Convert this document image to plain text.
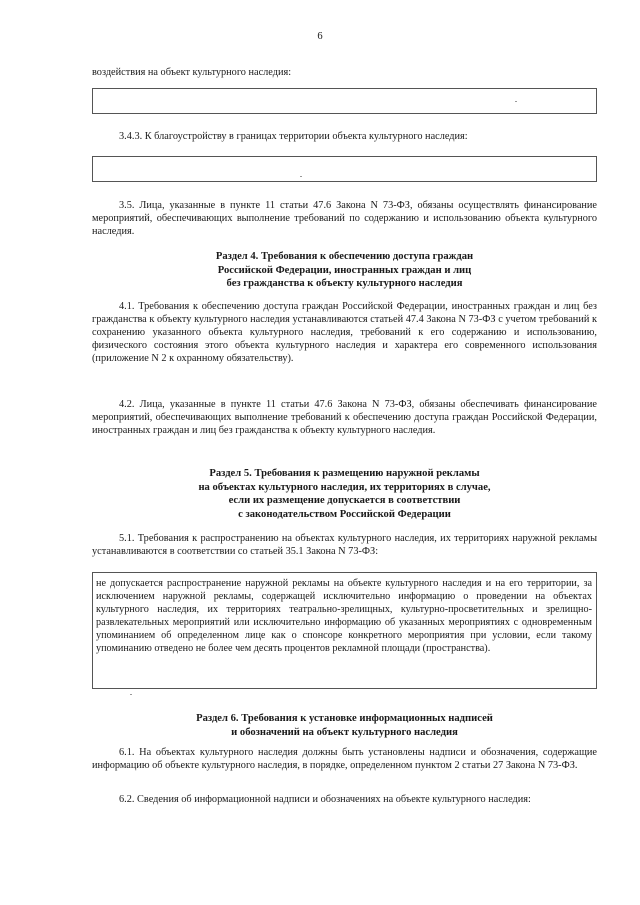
6

воздействия на объект культурного наследия:

3.4.3. К благоустройству в границах территории объекта культурного наследия:

3.5. Лица, указанные в пункте 11 статьи 47.6 Закона N 73-ФЗ, обязаны осуществлять финансирование мероприятий, обеспечивающих выполнение требований по содержанию и использованию объекта культурного наследия.

Раздел 4. Требования к обеспечению доступа граждан
Российской Федерации, иностранных граждан и лиц
без гражданства к объекту культурного наследия

4.1. Требования к обеспечению доступа граждан Российской Федерации, иностранных граждан и лиц без гражданства к объекту культурного наследия устанавливаются статьей 47.4 Закона N 73-ФЗ с учетом требований к сохранению указанного объекта культурного наследия, требований к его содержанию и использованию, физического состояния этого объекта культурного наследия и характера его современного использования (приложение N 2 к охранному обязательству).

4.2. Лица, указанные в пункте 11 статьи 47.6 Закона N 73-ФЗ, обязаны обеспечивать финансирование мероприятий, обеспечивающих выполнение требований к обеспечению доступа граждан Российской Федерации, иностранных граждан и лиц без гражданства к объекту культурного наследия.

Раздел 5. Требования к размещению наружной рекламы
на объектах культурного наследия, их территориях в случае,
если их размещение допускается в соответствии
с законодательством Российской Федерации

5.1. Требования к распространению на объектах культурного наследия, их территориях наружной рекламы устанавливаются в соответствии со статьей 35.1 Закона N 73-ФЗ:

не допускается распространение наружной рекламы на объекте культурного наследия и на его территории, за исключением наружной рекламы, содержащей исключительно информацию о проведении на объектах культурного наследия, их территориях театрально-зрелищных, культурно-просветительных и зрелищно-развлекательных мероприятий или исключительно информацию об указанных мероприятиях с одновременным упоминанием об определенном лице как о спонсоре конкретного мероприятия при условии, если такому упоминанию отведено не более чем десять процентов рекламной площади (пространства).

Раздел 6. Требования к установке информационных надписей
и обозначений на объект культурного наследия

6.1. На объектах культурного наследия должны быть установлены надписи и обозначения, содержащие информацию об объекте культурного наследия, в порядке, определенном пунктом 2 статьи 27 Закона N 73-ФЗ.

6.2. Сведения об информационной надписи и обозначениях на объекте культурного наследия:
